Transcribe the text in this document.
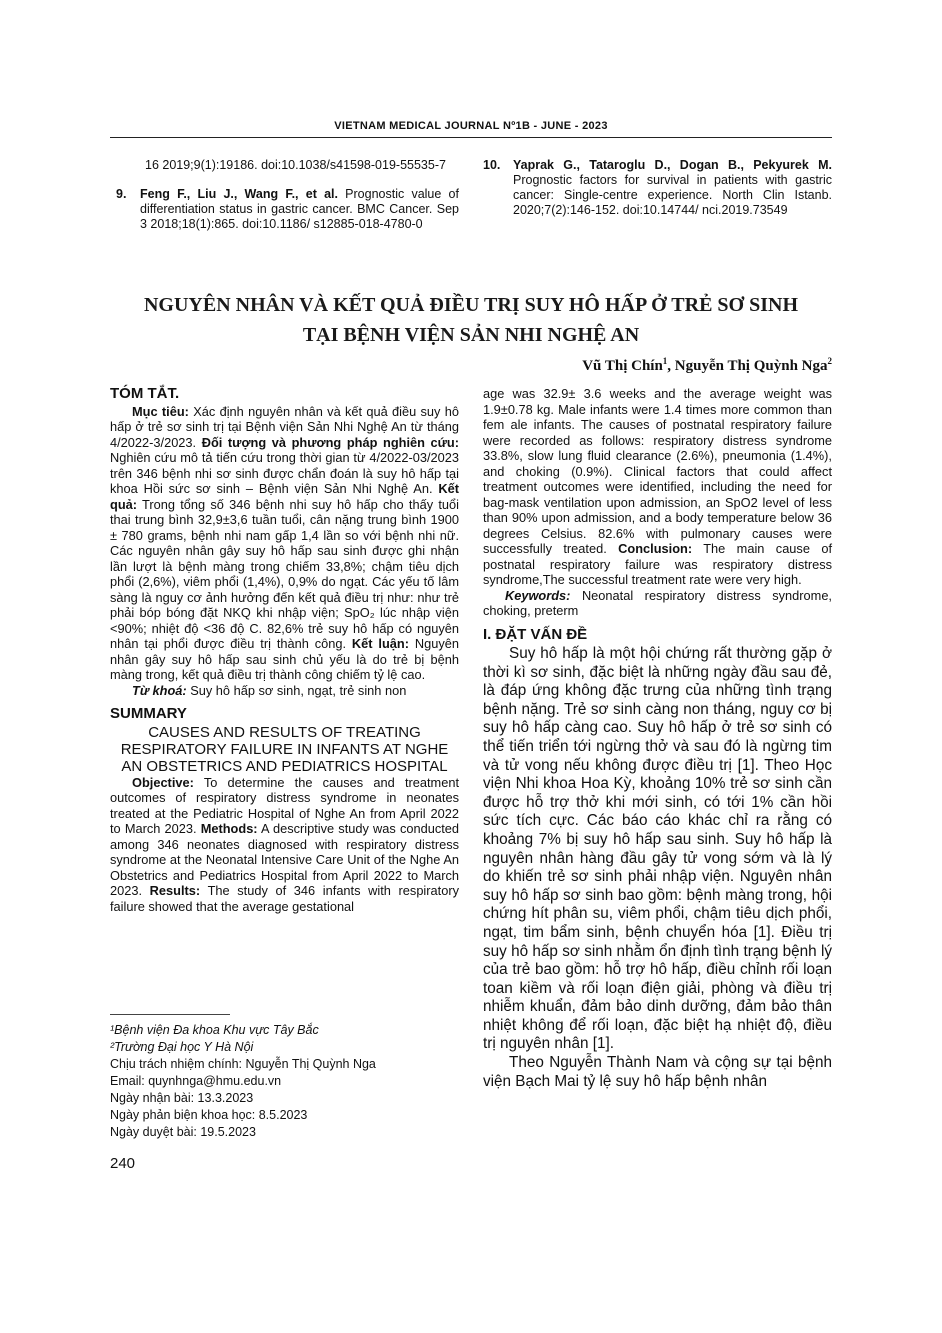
VIETNAM MEDICAL JOURNAL Nº1B - JUNE - 2023
16 2019;9(1):19186. doi:10.1038/s41598-019-55535-7
9. Feng F., Liu J., Wang F., et al. Prognostic value of differentiation status in gastric cancer. BMC Cancer. Sep 3 2018;18(1):865. doi:10.1186/ s12885-018-4780-0
10. Yaprak G., Tataroglu D., Dogan B., Pekyurek M. Prognostic factors for survival in patients with gastric cancer: Single-centre experience. North Clin Istanb. 2020;7(2):146-152. doi:10.14744/ nci.2019.73549
NGUYÊN NHÂN VÀ KẾT QUẢ ĐIỀU TRỊ SUY HÔ HẤP Ở TRẺ SƠ SINH
TẠI BỆNH VIỆN SẢN NHI NGHỆ AN
Vũ Thị Chín$^1$, Nguyễn Thị Quỳnh Nga$^2$
TÓM TẮT.

Mục tiêu: Xác định nguyên nhân và kết quả điều suy hô hấp ở trẻ sơ sinh trị tại Bệnh viện Sản Nhi Nghệ An từ tháng 4/2022-3/2023. Đối tượng và phương pháp nghiên cứu: Nghiên cứu mô tả tiến cứu trong thời gian từ 4/2022-03/2023 trên 346 bệnh nhi sơ sinh được chẩn đoán là suy hô hấp tại khoa Hồi sức sơ sinh – Bệnh viện Sản Nhi Nghệ An. Kết quả: Trong tổng số 346 bệnh nhi suy hô hấp cho thấy tuổi thai trung bình 32,9±3,6 tuần tuổi, cân nặng trung bình 1900 ± 780 grams, bệnh nhi nam gấp 1,4 lần so với bệnh nhi nữ. Các nguyên nhân gây suy hô hấp sau sinh được ghi nhận lần lượt là bệnh màng trong chiếm 33,8%; chậm tiêu dịch phổi (2,6%), viêm phổi (1,4%), 0,9% do ngạt. Các yếu tố lâm sàng là nguy cơ ảnh hưởng đến kết quả điều trị như: như trẻ phải bóp bóng đặt NKQ khi nhập viện; SpO₂ lúc nhập viện <90%; nhiệt độ <36 độ C. 82,6% trẻ suy hô hấp có nguyên nhân tại phổi được điều trị thành công. Kết luận: Nguyên nhân gây suy hô hấp sau sinh chủ yếu là do trẻ bị bệnh màng trong, kết quả điều trị thành công chiếm tỷ lệ cao.

Từ khoá: Suy hô hấp sơ sinh, ngạt, trẻ sinh non

SUMMARY
CAUSES AND RESULTS OF TREATING RESPIRATORY FAILURE IN INFANTS AT NGHE AN OBSTETRICS AND PEDIATRICS HOSPITAL

Objective: To determine the causes and treatment outcomes of respiratory distress syndrome in neonates treated at the Pediatric Hospital of Nghe An from April 2022 to March 2023. Methods: A descriptive study was conducted among 346 neonates diagnosed with respiratory distress syndrome at the Neonatal Intensive Care Unit of the Nghe An Obstetrics and Pediatrics Hospital from April 2022 to March 2023. Results: The study of 346 infants with respiratory failure showed that the average gestational

age was 32.9± 3.6 weeks and the average weight was 1.9±0.78 kg. Male infants were 1.4 times more common than fem ale infants. The causes of postnatal respiratory failure were recorded as follows: respiratory distress syndrome 33.8%, slow lung fluid clearance (2.6%), pneumonia (1.4%), and choking (0.9%). Clinical factors that could affect treatment outcomes were identified, including the need for bag-mask ventilation upon admission, an SpO2 level of less than 90% upon admission, and a body temperature below 36 degrees Celsius. 82.6% with pulmonary causes were successfully treated. Conclusion: The main cause of postnatal respiratory failure was respiratory distress syndrome,The successful treatment rate were very high.

Keywords: Neonatal respiratory distress syndrome, choking, preterm

I. ĐẶT VẤN ĐỀ

Suy hô hấp là một hội chứng rất thường gặp ở thời kì sơ sinh, đặc biệt là những ngày đầu sau đẻ, là đáp ứng không đặc trưng của những tình trạng bệnh nặng. Trẻ sơ sinh càng non tháng, nguy cơ bị suy hô hấp càng cao. Suy hô hấp ở trẻ sơ sinh có thể tiến triển tới ngừng thở và sau đó là ngừng tim và tử vong nếu không được điều trị [1]. Theo Học viện Nhi khoa Hoa Kỳ, khoảng 10% trẻ sơ sinh cần được hỗ trợ thở khi mới sinh, có tới 1% cần hồi sức tích cực. Các báo cáo khác chỉ ra rằng có khoảng 7% bị suy hô hấp sau sinh. Suy hô hấp là nguyên nhân hàng đầu gây tử vong sớm và là lý do khiến trẻ sơ sinh phải nhập viện. Nguyên nhân suy hô hấp sơ sinh bao gồm: bệnh màng trong, hội chứng hít phân su, viêm phổi, chậm tiêu dịch phổi, ngạt, tim bẩm sinh, bệnh chuyển hóa [1]. Điều trị suy hô hấp sơ sinh nhằm ổn định tình trạng bệnh lý của trẻ bao gồm: hỗ trợ hô hấp, điều chỉnh rối loạn toan kiềm và rối loạn điện giải, phòng và điều trị nhiễm khuẩn, đảm bảo dinh dưỡng, đảm bảo thân nhiệt không để rối loạn, đặc biệt hạ nhiệt độ, điều trị nguyên nhân [1].

Theo Nguyễn Thành Nam và cộng sự tại bệnh viện Bạch Mai tỷ lệ suy hô hấp bệnh nhân

¹Bệnh viện Đa khoa Khu vực Tây Bắc
²Trường Đại học Y Hà Nội
Chịu trách nhiệm chính: Nguyễn Thị Quỳnh Nga
Email: quynhnga@hmu.edu.vn
Ngày nhận bài: 13.3.2023
Ngày phản biện khoa học: 8.5.2023
Ngày duyệt bài: 19.5.2023
240
